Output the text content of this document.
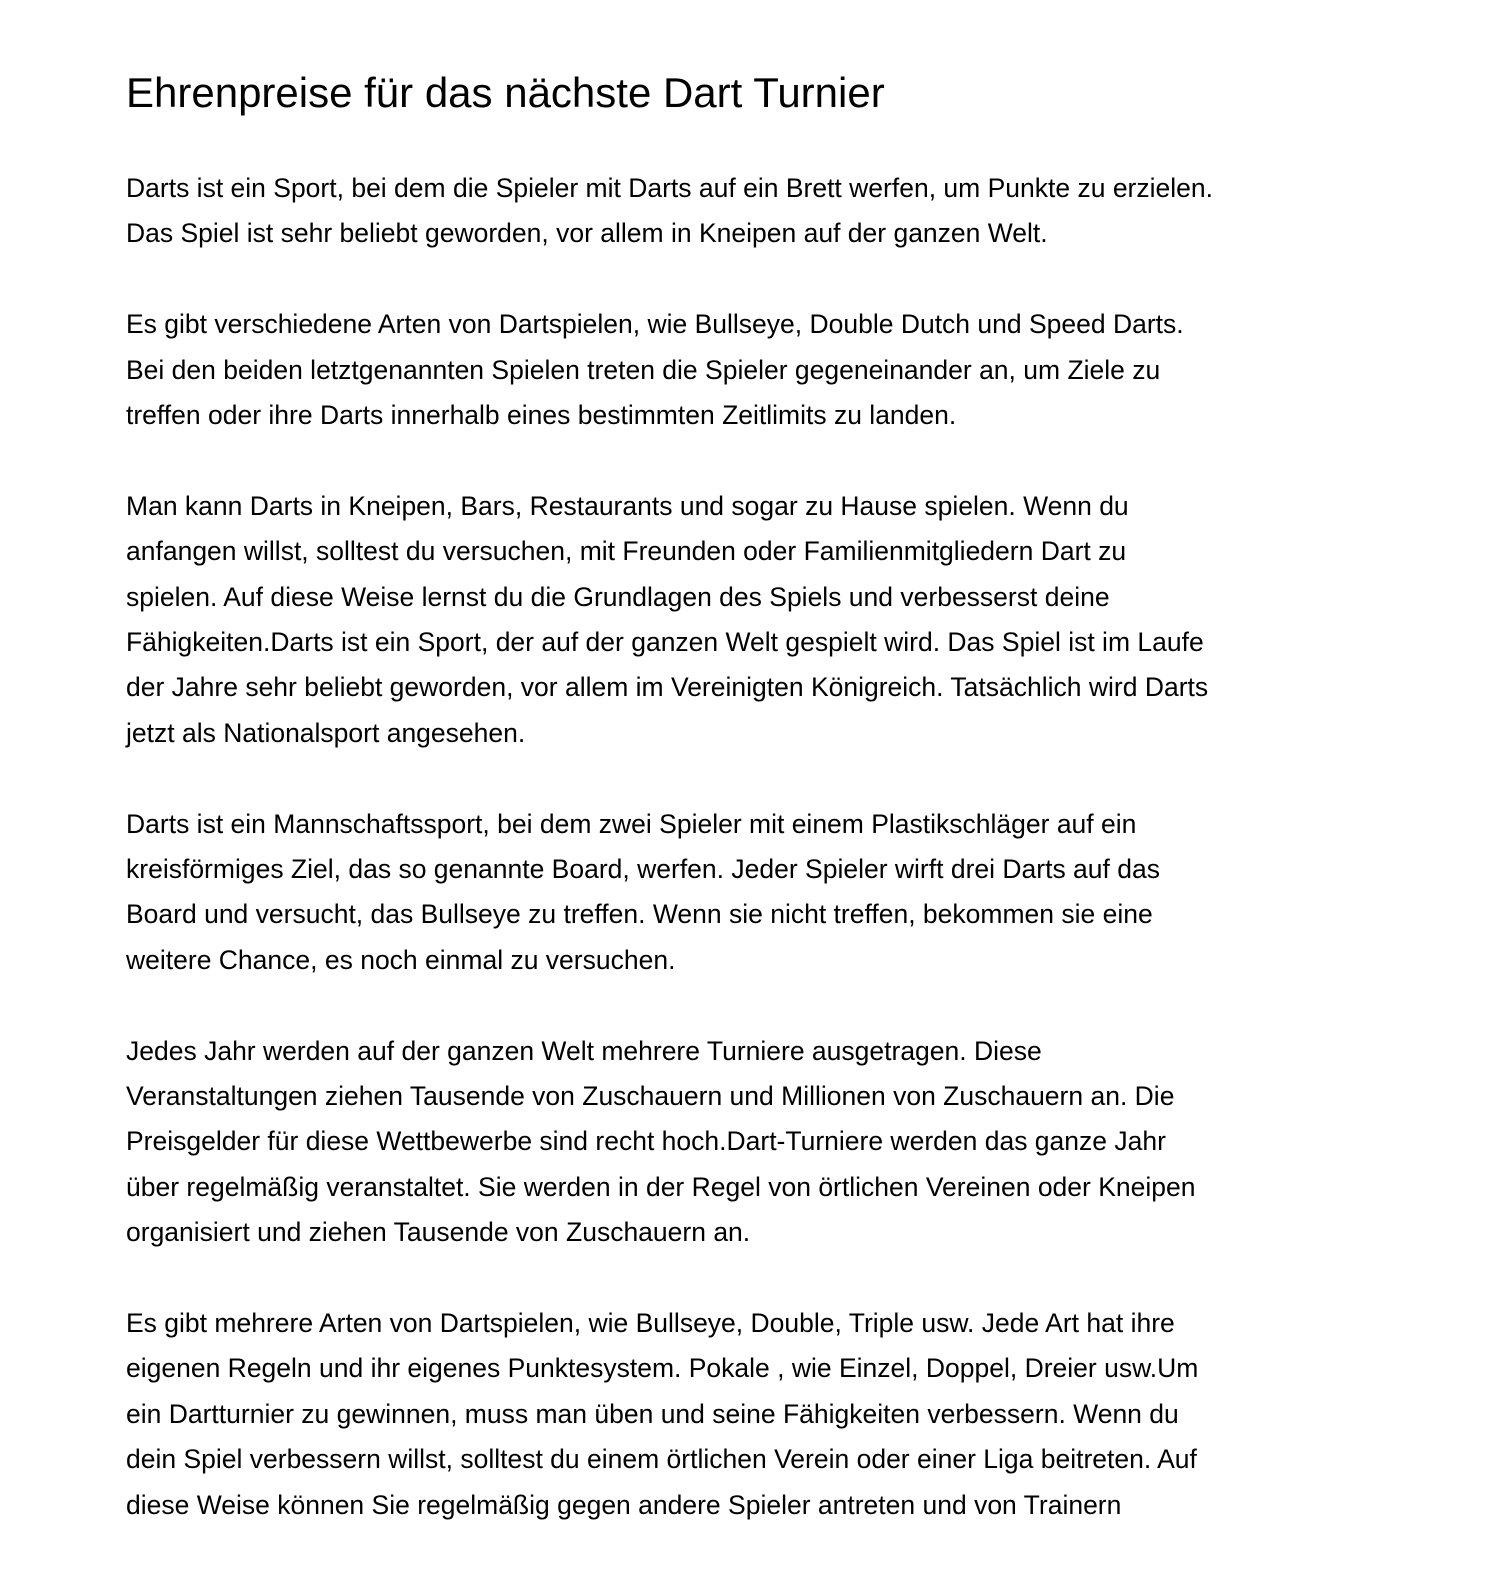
Ehrenpreise für das nächste Dart Turnier

Darts ist ein Sport, bei dem die Spieler mit Darts auf ein Brett werfen, um Punkte zu erzielen.
Das Spiel ist sehr beliebt geworden, vor allem in Kneipen auf der ganzen Welt.

Es gibt verschiedene Arten von Dartspielen, wie Bullseye, Double Dutch und Speed Darts.
Bei den beiden letztgenannten Spielen treten die Spieler gegeneinander an, um Ziele zu
treffen oder ihre Darts innerhalb eines bestimmten Zeitlimits zu landen.

Man kann Darts in Kneipen, Bars, Restaurants und sogar zu Hause spielen. Wenn du
anfangen willst, solltest du versuchen, mit Freunden oder Familienmitgliedern Dart zu
spielen. Auf diese Weise lernst du die Grundlagen des Spiels und verbesserst deine
Fähigkeiten.Darts ist ein Sport, der auf der ganzen Welt gespielt wird. Das Spiel ist im Laufe
der Jahre sehr beliebt geworden, vor allem im Vereinigten Königreich. Tatsächlich wird Darts
jetzt als Nationalsport angesehen.

Darts ist ein Mannschaftssport, bei dem zwei Spieler mit einem Plastikschläger auf ein
kreisförmiges Ziel, das so genannte Board, werfen. Jeder Spieler wirft drei Darts auf das
Board und versucht, das Bullseye zu treffen. Wenn sie nicht treffen, bekommen sie eine
weitere Chance, es noch einmal zu versuchen.

Jedes Jahr werden auf der ganzen Welt mehrere Turniere ausgetragen. Diese
Veranstaltungen ziehen Tausende von Zuschauern und Millionen von Zuschauern an. Die
Preisgelder für diese Wettbewerbe sind recht hoch.Dart-Turniere werden das ganze Jahr
über regelmäßig veranstaltet. Sie werden in der Regel von örtlichen Vereinen oder Kneipen
organisiert und ziehen Tausende von Zuschauern an.

Es gibt mehrere Arten von Dartspielen, wie Bullseye, Double, Triple usw. Jede Art hat ihre
eigenen Regeln und ihr eigenes Punktesystem. Pokale , wie Einzel, Doppel, Dreier usw.Um
ein Dartturnier zu gewinnen, muss man üben und seine Fähigkeiten verbessern. Wenn du
dein Spiel verbessern willst, solltest du einem örtlichen Verein oder einer Liga beitreten. Auf
diese Weise können Sie regelmäßig gegen andere Spieler antreten und von Trainern
